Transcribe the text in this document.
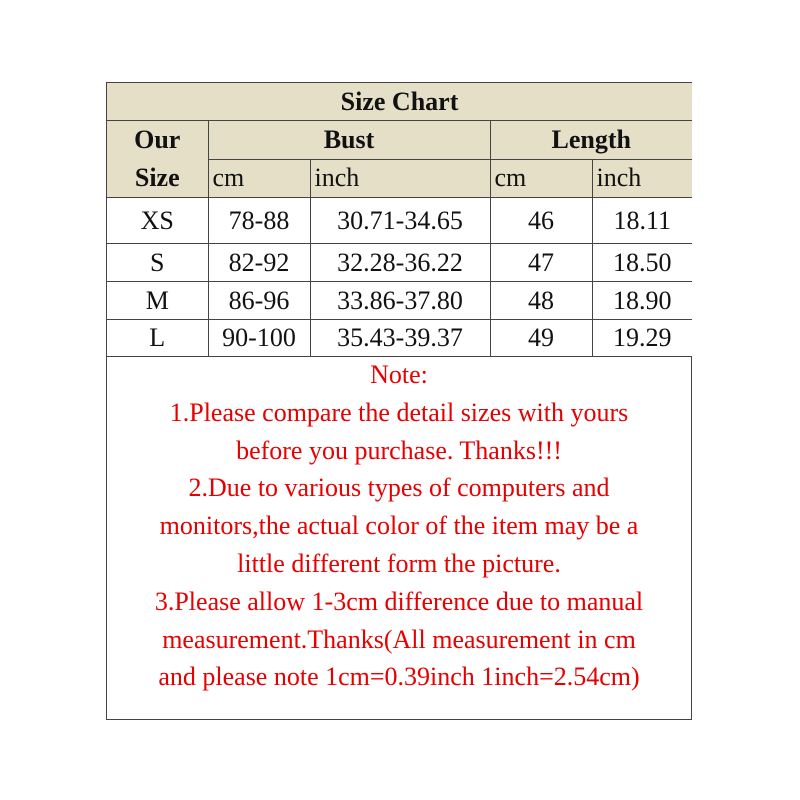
Size Chart				
Our
Size	Bust		Length	
	cm	inch	cm	inch
XS	78-88	30.71-34.65	46	18.11
S	82-92	32.28-36.22	47	18.50
M	86-96	33.86-37.80	48	18.90
L	90-100	35.43-39.37	49	19.29
Note:
1.Please compare the detail sizes with yours
before you purchase. Thanks!!!
2.Due to various types of computers and
monitors,the actual color of the item may be a
little different form the picture.
3.Please allow 1-3cm difference due to manual
measurement.Thanks(All measurement in cm
and please note 1cm=0.39inch 1inch=2.54cm)
